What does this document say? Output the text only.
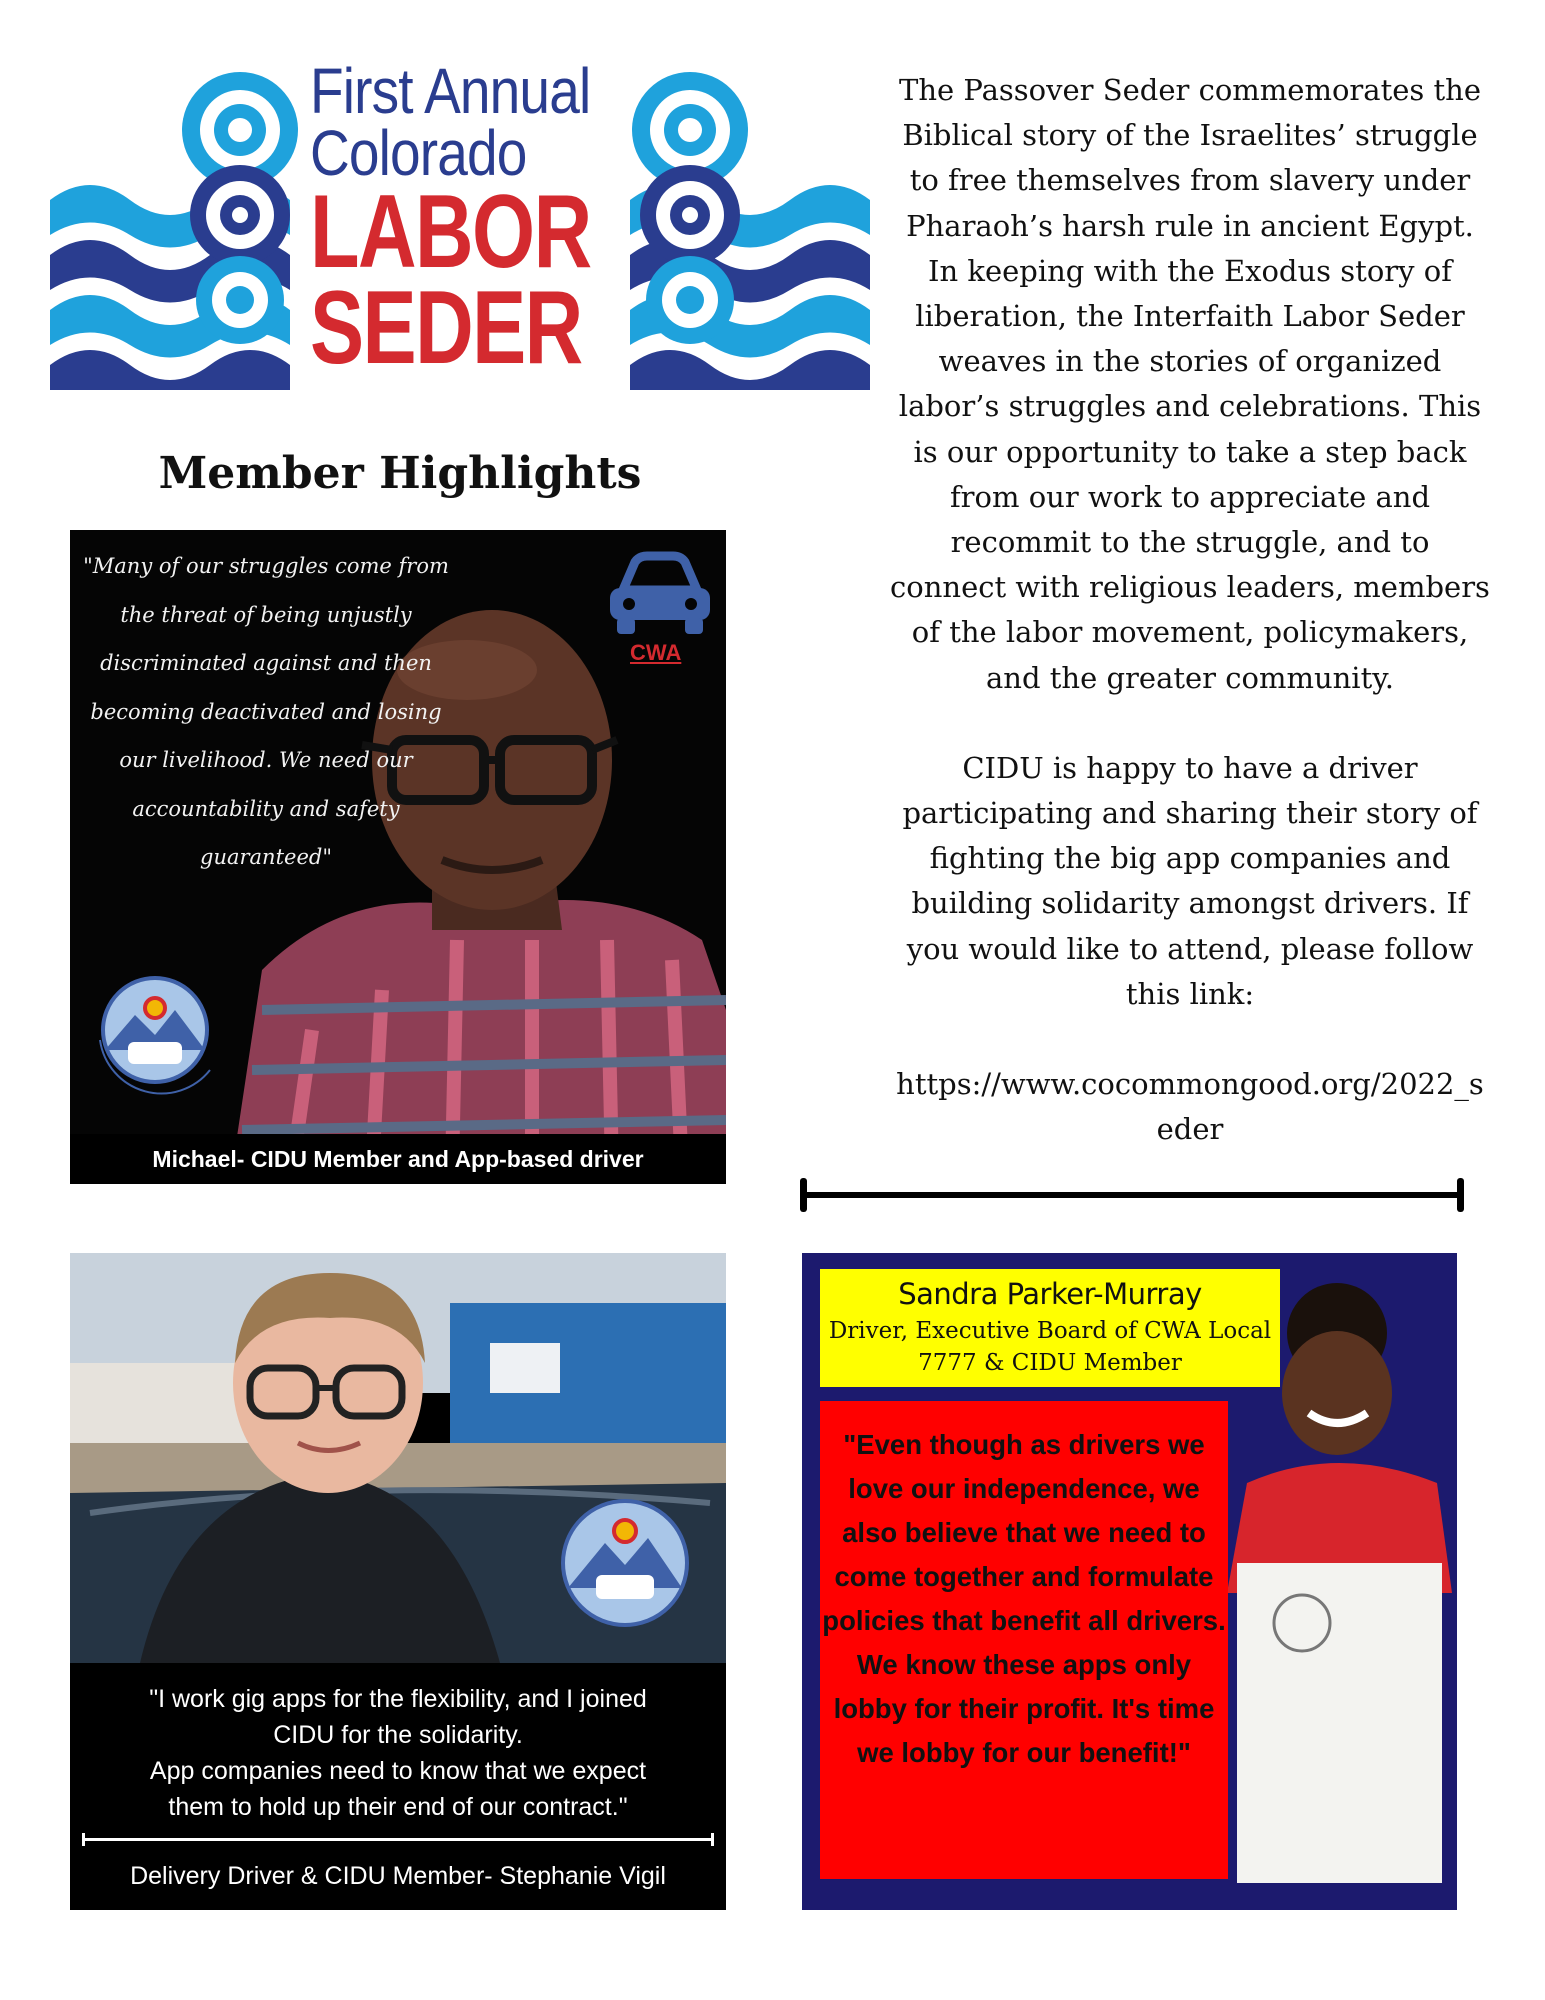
First Annual
Colorado
LABOR
SEDER
Member Highlights

The Passover Seder commemorates the Biblical story of the Israelites’ struggle to free themselves from slavery under Pharaoh’s harsh rule in ancient Egypt. In keeping with the Exodus story of liberation, the Interfaith Labor Seder weaves in the stories of organized labor’s struggles and celebrations. This is our opportunity to take a step back from our work to appreciate and recommit to the struggle, and to connect with religious leaders, members of the labor movement, policymakers, and the greater community.

CIDU is happy to have a driver participating and sharing their story of fighting the big app companies and building solidarity amongst drivers. If you would like to attend, please follow this link:

https://www.cocommongood.org/2022_seder

"Many of our struggles come from the threat of being unjustly discriminated against and then becoming deactivated and losing our livelihood. We need our accountability and safety guaranteed"
CWA
Michael- CIDU Member and App-based driver
"I work gig apps for the flexibility, and I joined
CIDU for the solidarity.
App companies need to know that we expect
them to hold up their end of our contract."
Delivery Driver & CIDU Member- Stephanie Vigil
Sandra Parker-Murray
Driver, Executive Board of CWA Local 7777 & CIDU Member
"Even though as drivers we love our independence, we also believe that we need to come together and formulate policies that benefit all drivers. We know these apps only lobby for their profit. It's time we lobby for our benefit!"
